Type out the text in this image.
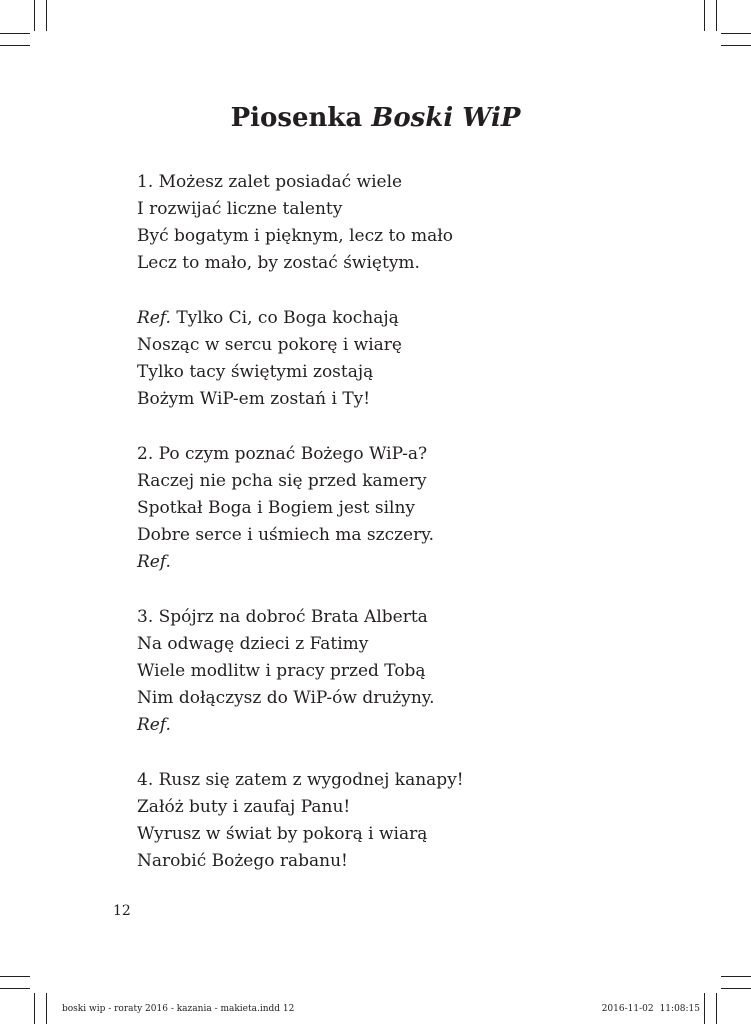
Piosenka Boski WiP

1. Możesz zalet posiadać wiele

I rozwijać liczne talenty

Być bogatym i pięknym, lecz to mało

Lecz to mało, by zostać świętym.

Ref. Tylko Ci, co Boga kochają

Nosząc w sercu pokorę i wiarę

Tylko tacy świętymi zostają

Bożym WiP-em zostań i Ty!

2. Po czym poznać Bożego WiP-a?

Raczej nie pcha się przed kamery

Spotkał Boga i Bogiem jest silny

Dobre serce i uśmiech ma szczery.

Ref.

3. Spójrz na dobroć Brata Alberta

Na odwagę dzieci z Fatimy

Wiele modlitw i pracy przed Tobą

Nim dołączysz do WiP-ów drużyny.

Ref.

4. Rusz się zatem z wygodnej kanapy!

Załóż buty i zaufaj Panu!

Wyrusz w świat by pokorą i wiarą

Narobić Bożego rabanu!

12
boski wip - roraty 2016 - kazania - makieta.indd 12	2016-11-02 11:08:15
